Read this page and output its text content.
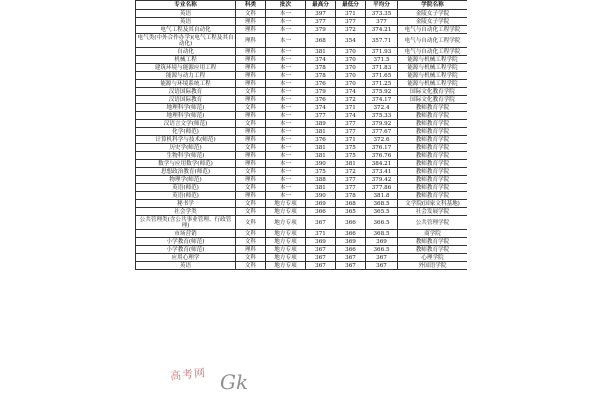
专业名称	科类	批次	最高分	最低分	平均分	学院名称
英语	文科	本一	397	371	373.35	金陵女子学院
英语	理科	本一	377	377	377	金陵女子学院
电气工程及其自动化	理科	本一	379	372	374.21	电气与自动化工程学院
电气类(中外合作办学)(电气工程及其自动化)	理科	本一	368	354	357.71	电气与自动化工程学院
自动化	理科	本一	381	370	371.93	电气与自动化工程学院
机械工程	理科	本一	374	370	371.5	能源与机械工程学院
建筑环境与能源应用工程	理科	本一	378	370	371.83	能源与机械工程学院
能源与动力工程	理科	本一	378	370	371.65	能源与机械工程学院
能源与环境系统工程	理科	本一	376	370	371.25	能源与机械工程学院
汉语国际教育	文科	本一	379	374	375.92	国际文化教育学院
汉语国际教育	理科	本一	376	372	374.17	国际文化教育学院
地理科学(师范)	文科	本一	374	371	372.4	教师教育学院
地理科学(师范)	理科	本一	377	374	375.33	教师教育学院
汉语言文学(师范)	文科	本一	389	377	379.92	教师教育学院
化学(师范)	理科	本一	381	377	377.67	教师教育学院
计算机科学与技术(师范)	理科	本一	376	371	372.6	教师教育学院
历史学(师范)	文科	本一	381	375	376.17	教师教育学院
生物科学(师范)	理科	本一	381	375	376.76	教师教育学院
数学与应用数学(师范)	理科	本一	390	381	384.21	教师教育学院
思想政治教育(师范)	文科	本一	375	372	373.41	教师教育学院
物理学(师范)	理科	本一	388	377	379.42	教师教育学院
英语(师范)	文科	本一	381	377	377.86	教师教育学院
英语(师范)	理科	本一	390	378	381.8	教师教育学院
秘书学	文科	地方专项	369	368	368.5	文学院(国家文科基地)
社会学类	文科	地方专项	366	365	365.5	社会发展学院
公共管理类(含公共事业管理、行政管理)	文科	地方专项	367	366	366.5	公共管理学院
市场营销	文科	地方专项	371	366	368.5	商学院
小学教育(师范)	文科	地方专项	369	369	369	教师教育学院
小学教育(师范)	理科	地方专项	367	366	366.5	教师教育学院
应用心理学	文科	地方专项	367	367	367	心理学院
英语	文科	地方专项	367	367	367	外国语学院
Gk
高考网
